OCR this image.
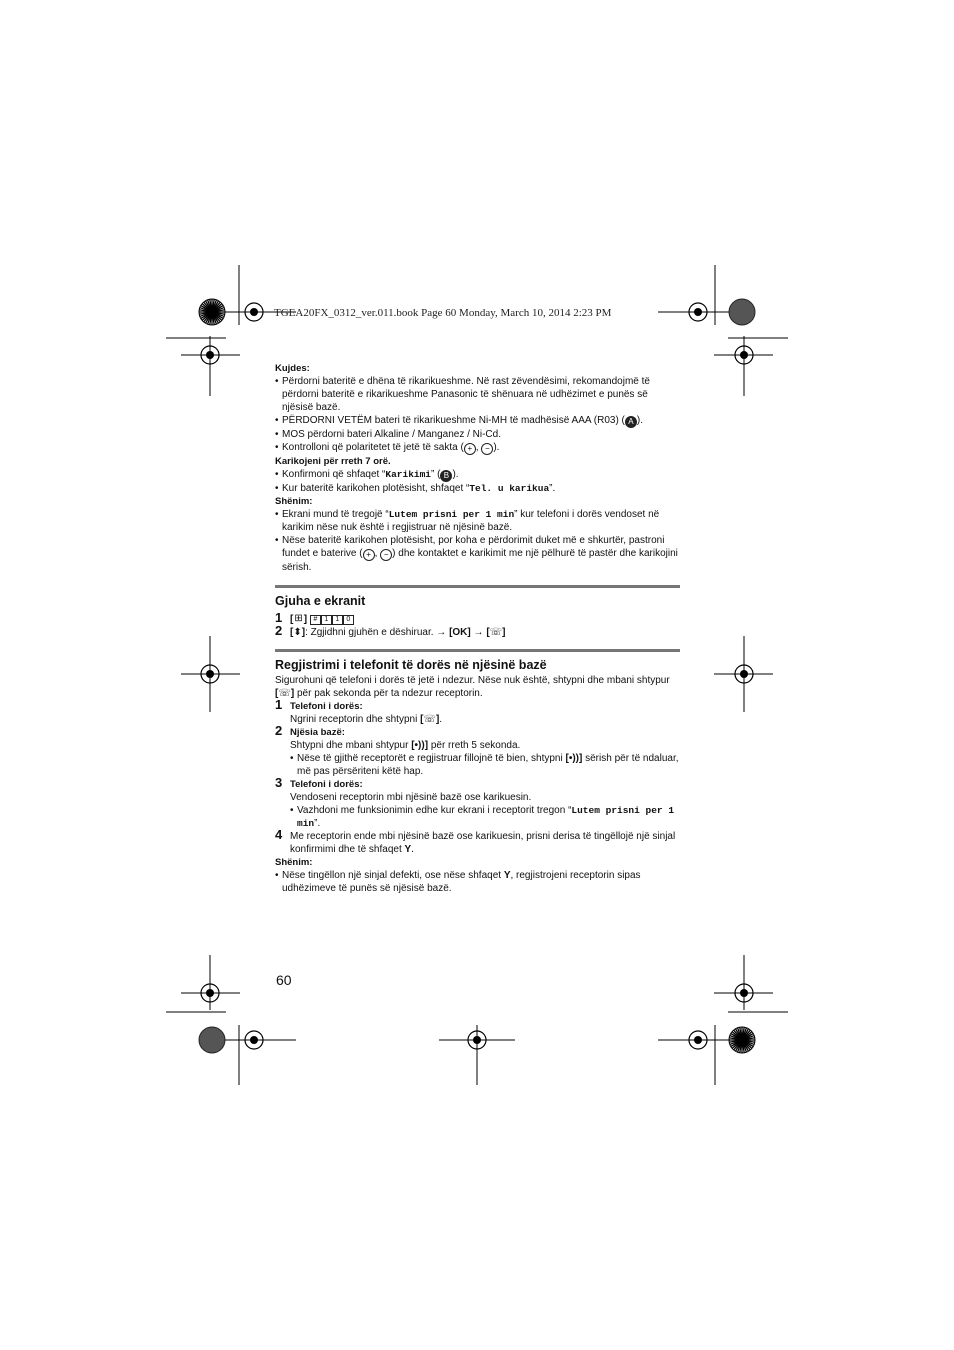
TGEA20FX_0312_ver.011.book Page 60 Monday, March 10, 2014 2:23 PM
Kujdes:
• Përdorni bateritë e dhëna të rikarikueshme. Në rast zëvendësimi, rekomandojmë të përdorni bateritë e rikarikueshme Panasonic të shënuara në udhëzimet e punës së njësisë bazë.
• PËRDORNI VETËM bateri të rikarikueshme Ni-MH të madhësisë AAA (R03) ( A ).
• MOS përdorni bateri Alkaline / Manganez / Ni-Cd.
• Kontrolloni që polaritetet të jetë të sakta ( + , − ).
Karikojeni për rreth 7 orë.
• Konfirmoni që shfaqet “Karikimi” ( B ).
• Kur bateritë karikohen plotësisht, shfaqet “Tel. u karikua”.
Shënim:
• Ekrani mund të tregojë “Lutem prisni per 1 min” kur telefoni i dorës vendoset në karikim nëse nuk është i regjistruar në njësinë bazë.
• Nëse bateritë karikohen plotësisht, por koha e përdorimit duket më e shkurtër, pastroni fundet e baterive ( + , − ) dhe kontaktet e karikimit me një pëlhurë të pastër dhe karikojini sërish.
Gjuha e ekranit
1 [⊞] # 1 1 0
2 [⬍]: Zgjidhni gjuhën e dëshiruar. → [OK] → [☏]
Regjistrimi i telefonit të dorës në njësinë bazë
Sigurohuni që telefoni i dorës të jetë i ndezur. Nëse nuk është, shtypni dhe mbani shtypur [☏] për pak sekonda për ta ndezur receptorin.
1 Telefoni i dorës:
Ngrini receptorin dhe shtypni [☏].
2 Njësia bazë:
Shtypni dhe mbani shtypur [•))] për rreth 5 sekonda.
• Nëse të gjithë receptorët e regjistruar fillojnë të bien, shtypni [•))] sërish për të ndaluar, më pas përsëriteni këtë hap.
3 Telefoni i dorës:
Vendoseni receptorin mbi njësinë bazë ose karikuesin.
• Vazhdoni me funksionimin edhe kur ekrani i receptorit tregon “Lutem prisni per 1 min”.
4 Me receptorin ende mbi njësinë bazë ose karikuesin, prisni derisa të tingëllojë një sinjal konfirmimi dhe të shfaqet Y.
Shënim:
• Nëse tingëllon një sinjal defekti, ose nëse shfaqet Y, regjistrojeni receptorin sipas udhëzimeve të punës së njësisë bazë.
60
